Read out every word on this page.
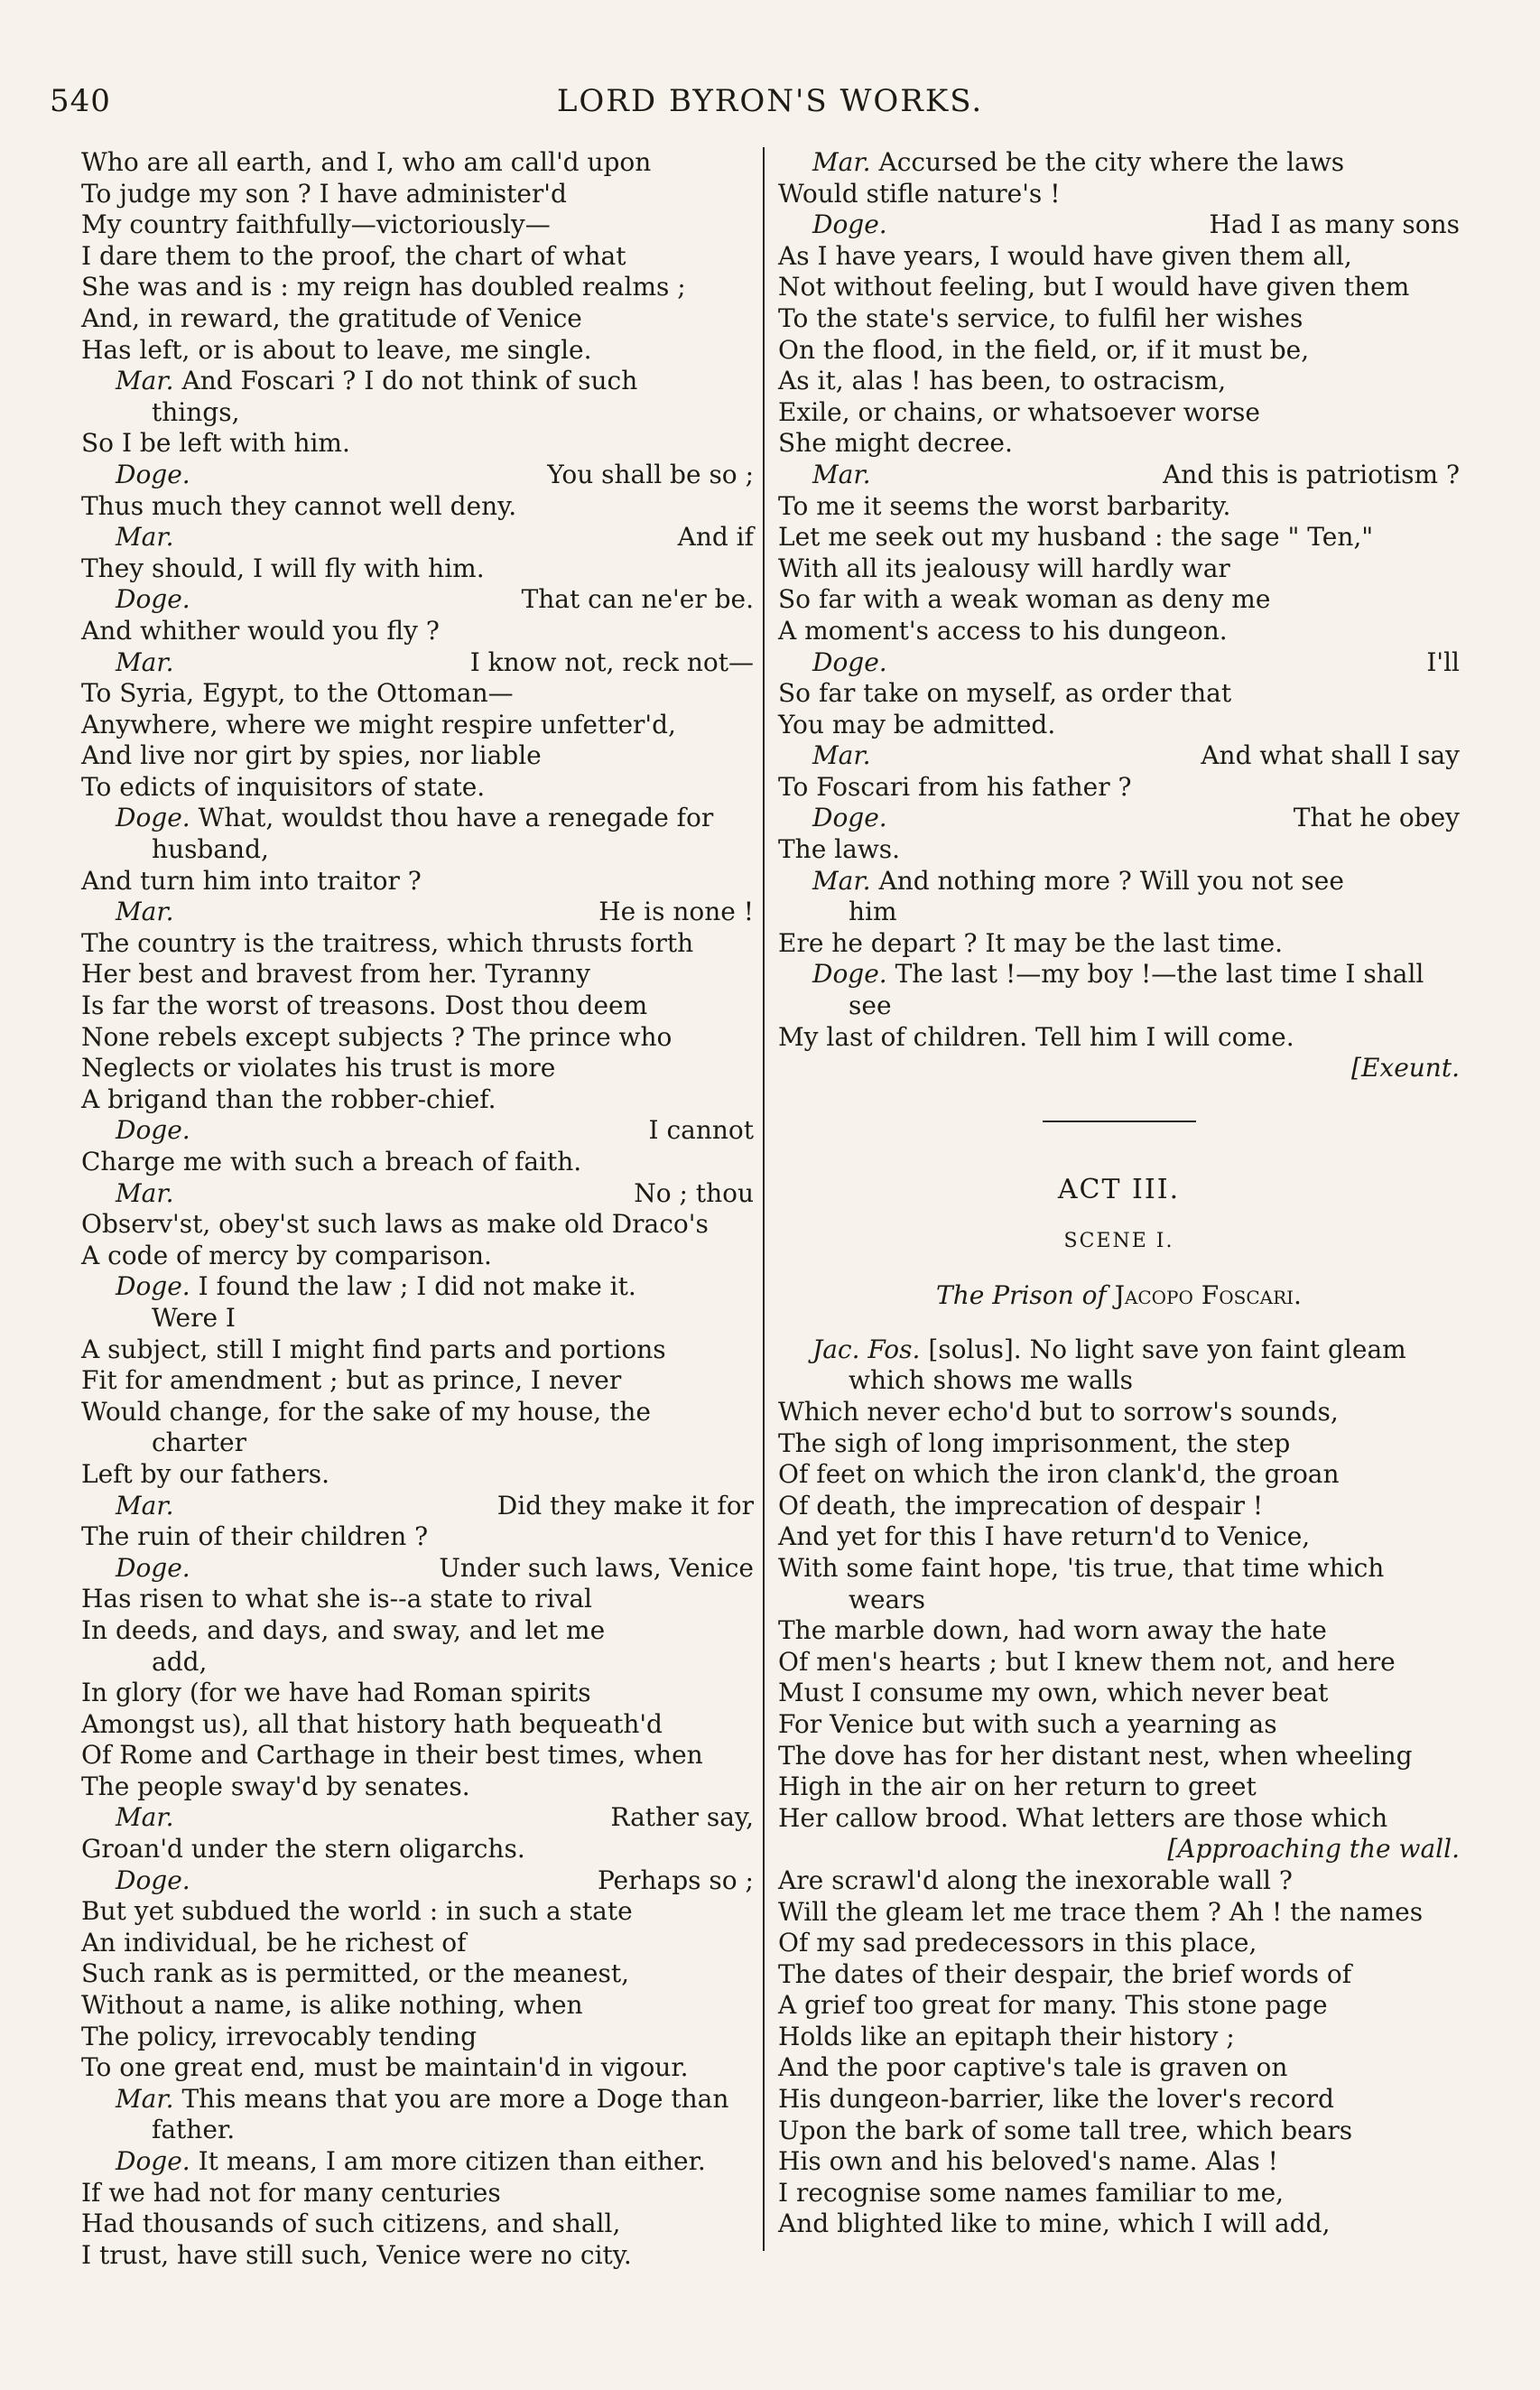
540	LORD BYRON'S WORKS.
Who are all earth, and I, who am call'd upon
To judge my son ? I have administer'd
My country faithfully—victoriously—
I dare them to the proof, the chart of what
She was and is : my reign has doubled realms ;
And, in reward, the gratitude of Venice
Has left, or is about to leave, me single.
Mar. And Foscari ? I do not think of such
things,
So I be left with him.
Doge.	You shall be so ;
Thus much they cannot well deny.
Mar.	And if
They should, I will fly with him.
Doge.	That can ne'er be.
And whither would you fly ?
Mar.	I know not, reck not—
To Syria, Egypt, to the Ottoman—
Anywhere, where we might respire unfetter'd,
And live nor girt by spies, nor liable
To edicts of inquisitors of state.
Doge. What, wouldst thou have a renegade for
husband,
And turn him into traitor ?
Mar.	He is none !
The country is the traitress, which thrusts forth
Her best and bravest from her. Tyranny
Is far the worst of treasons. Dost thou deem
None rebels except subjects ? The prince who
Neglects or violates his trust is more
A brigand than the robber-chief.
Doge.	I cannot
Charge me with such a breach of faith.
Mar.	No ; thou
Observ'st, obey'st such laws as make old Draco's
A code of mercy by comparison.
Doge. I found the law ; I did not make it.
Were I
A subject, still I might find parts and portions
Fit for amendment ; but as prince, I never
Would change, for the sake of my house, the
charter
Left by our fathers.
Mar.	Did they make it for
The ruin of their children ?
Doge.	Under such laws, Venice
Has risen to what she is--a state to rival
In deeds, and days, and sway, and let me
add,
In glory (for we have had Roman spirits
Amongst us), all that history hath bequeath'd
Of Rome and Carthage in their best times, when
The people sway'd by senates.
Mar.	Rather say,
Groan'd under the stern oligarchs.
Doge.	Perhaps so ;
But yet subdued the world : in such a state
An individual, be he richest of
Such rank as is permitted, or the meanest,
Without a name, is alike nothing, when
The policy, irrevocably tending
To one great end, must be maintain'd in vigour.
Mar. This means that you are more a Doge than
father.
Doge. It means, I am more citizen than either.
If we had not for many centuries
Had thousands of such citizens, and shall,
I trust, have still such, Venice were no city.
Mar. Accursed be the city where the laws
Would stifle nature's !
Doge.	Had I as many sons
As I have years, I would have given them all,
Not without feeling, but I would have given them
To the state's service, to fulfil her wishes
On the flood, in the field, or, if it must be,
As it, alas ! has been, to ostracism,
Exile, or chains, or whatsoever worse
She might decree.
Mar.	And this is patriotism ?
To me it seems the worst barbarity.
Let me seek out my husband : the sage " Ten,"
With all its jealousy will hardly war
So far with a weak woman as deny me
A moment's access to his dungeon.
Doge.	I'll
So far take on myself, as order that
You may be admitted.
Mar.	And what shall I say
To Foscari from his father ?
Doge.	That he obey
The laws.
Mar. And nothing more ? Will you not see
him
Ere he depart ? It may be the last time.
Doge. The last !—my boy !—the last time I shall
see
My last of children. Tell him I will come.
[Exeunt.
ACT III.
SCENE I.
The Prison of Jacopo Foscari.
Jac. Fos. [solus]. No light save yon faint gleam
which shows me walls
Which never echo'd but to sorrow's sounds,
The sigh of long imprisonment, the step
Of feet on which the iron clank'd, the groan
Of death, the imprecation of despair !
And yet for this I have return'd to Venice,
With some faint hope, 'tis true, that time which
wears
The marble down, had worn away the hate
Of men's hearts ; but I knew them not, and here
Must I consume my own, which never beat
For Venice but with such a yearning as
The dove has for her distant nest, when wheeling
High in the air on her return to greet
Her callow brood. What letters are those which
[Approaching the wall.
Are scrawl'd along the inexorable wall ?
Will the gleam let me trace them ? Ah ! the names
Of my sad predecessors in this place,
The dates of their despair, the brief words of
A grief too great for many. This stone page
Holds like an epitaph their history ;
And the poor captive's tale is graven on
His dungeon-barrier, like the lover's record
Upon the bark of some tall tree, which bears
His own and his beloved's name. Alas !
I recognise some names familiar to me,
And blighted like to mine, which I will add,
